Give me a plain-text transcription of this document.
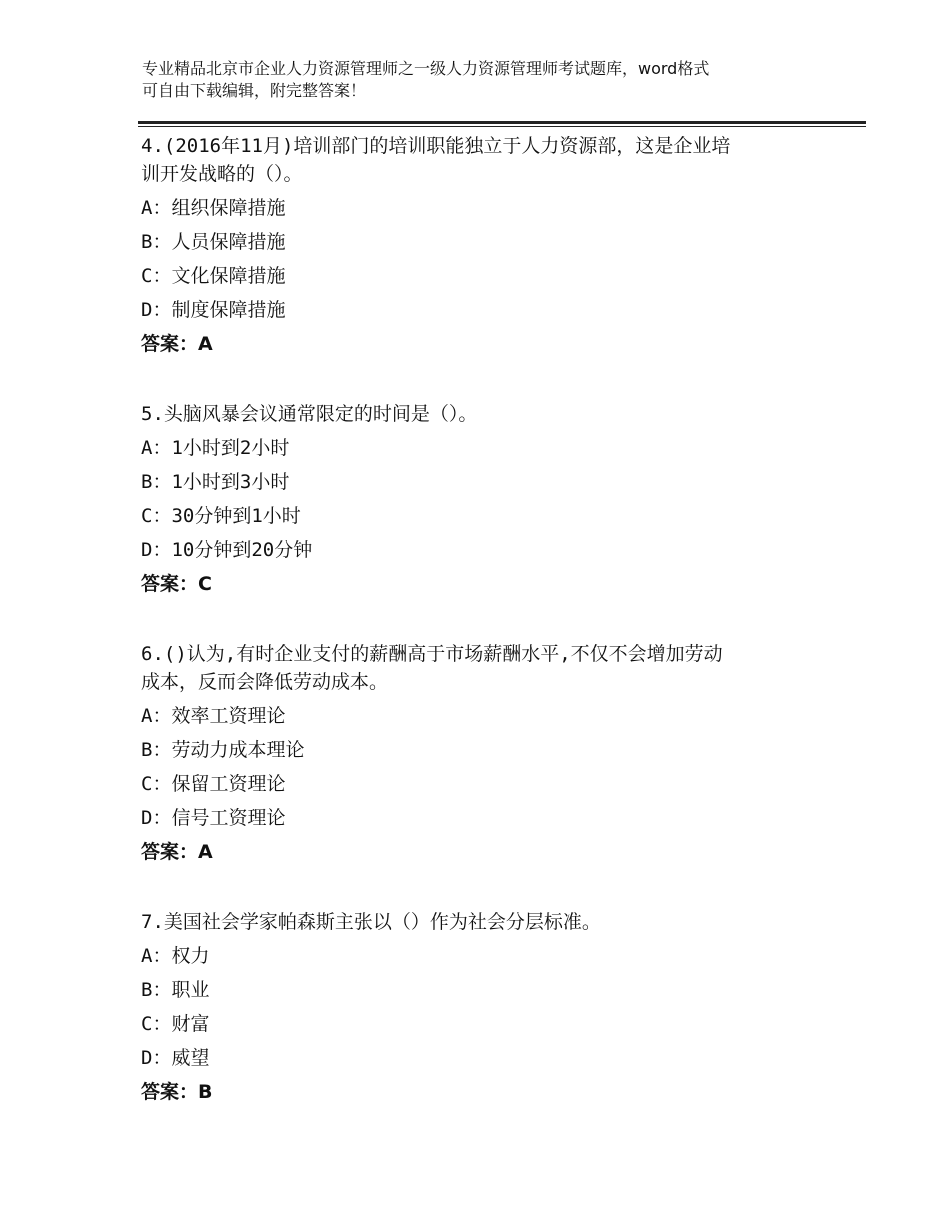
专业精品北京市企业人力资源管理师之一级人力资源管理师考试题库，word格式
可自由下载编辑，附完整答案！
4.(2016年11月)培训部门的培训职能独立于人力资源部，这是企业培
训开发战略的（）。
A：组织保障措施
B：人员保障措施
C：文化保障措施
D：制度保障措施
答案：A
5.头脑风暴会议通常限定的时间是（）。
A：1小时到2小时
B：1小时到3小时
C：30分钟到1小时
D：10分钟到20分钟
答案：C
6.()认为,有时企业支付的薪酬高于市场薪酬水平,不仅不会增加劳动
成本，反而会降低劳动成本。
A：效率工资理论
B：劳动力成本理论
C：保留工资理论
D：信号工资理论
答案：A
7.美国社会学家帕森斯主张以（）作为社会分层标准。
A：权力
B：职业
C：财富
D：威望
答案：B
